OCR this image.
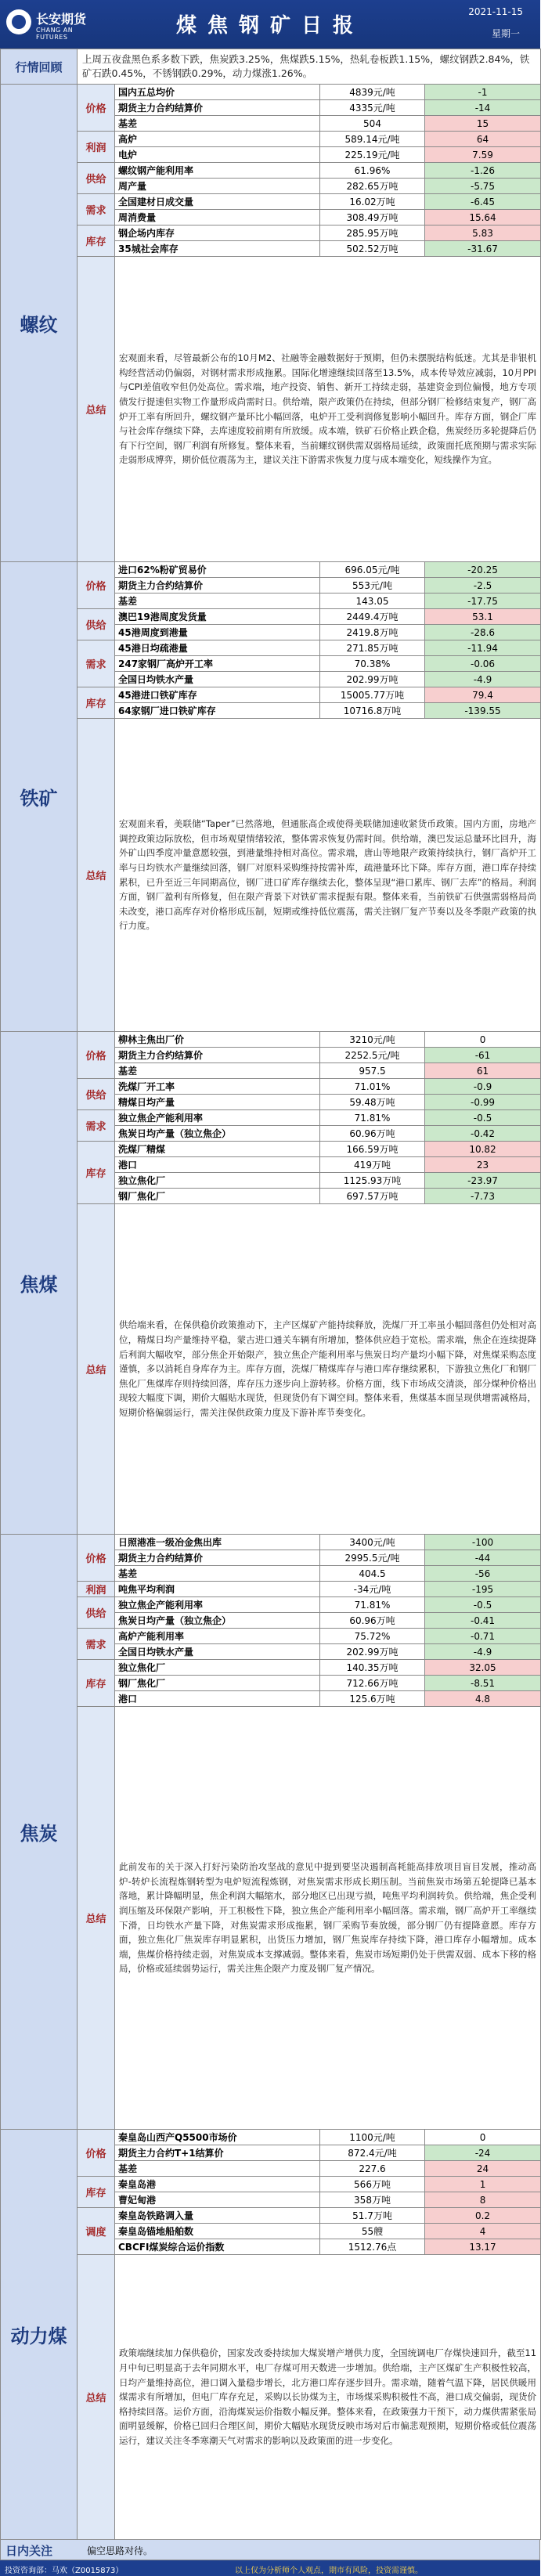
长安期货
CHANG AN FUTURES	煤焦钢矿日报
2021-11-15
星期一
行情回顾	上周五夜盘黑色系多数下跌，焦炭跌3.25%，焦煤跌5.15%，热轧卷板跌1.15%，螺纹钢跌2.84%，铁矿石跌0.45%，不锈钢跌0.29%，动力煤涨1.26%。			
螺纹	价格	国内五总均价	4839元/吨	-1
		期货主力合约结算价	4335元/吨	-14
		基差	504	15
	利润	高炉	589.14元/吨	64
		电炉	225.19元/吨	7.59
	供给	螺纹钢产能利用率	61.96%	-1.26
		周产量	282.65万吨	-5.75
	需求	全国建材日成交量	16.02万吨	-6.45
		周消费量	308.49万吨	15.64
	库存	钢企场内库存	285.95万吨	5.83
		35城社会库存	502.52万吨	-31.67
	总结	宏观面来看，尽管最新公布的10月M2、社融等金融数据好于预期，但仍未摆脱结构低迷。尤其是非银机构经营活动仍偏弱，对钢材需求形成拖累。国际化增速继续回落至13.5%，成本传导效应减弱，10月PPI与CPI差值收窄但仍处高位。需求端，地产投资、销售、新开工持续走弱，基建资金到位偏慢，地方专项债发行提速但实物工作量形成尚需时日。供给端，限产政策仍在持续，但部分钢厂检修结束复产，钢厂高炉开工率有所回升，螺纹钢产量环比小幅回落，电炉开工受利润修复影响小幅回升。库存方面，钢企厂库与社会库存继续下降，去库速度较前期有所放缓。成本端，铁矿石价格止跌企稳，焦炭经历多轮提降后仍有下行空间，钢厂利润有所修复。整体来看，当前螺纹钢供需双弱格局延续，政策面托底预期与需求实际走弱形成博弈，期价低位震荡为主，建议关注下游需求恢复力度与成本端变化，短线操作为宜。		
铁矿	价格	进口62%粉矿贸易价	696.05元/吨	-20.25
		期货主力合约结算价	553元/吨	-2.5
		基差	143.05	-17.75
	供给	澳巴19港周度发货量	2449.4万吨	53.1
		45港周度到港量	2419.8万吨	-28.6
	需求	45港日均疏港量	271.85万吨	-11.94
		247家钢厂高炉开工率	70.38%	-0.06
		全国日均铁水产量	202.99万吨	-4.9
	库存	45港进口铁矿库存	15005.77万吨	79.4
		64家钢厂进口铁矿库存	10716.8万吨	-139.55
	总结	宏观面来看，美联储“Taper”已然落地，但通胀高企或使得美联储加速收紧货币政策。国内方面，房地产调控政策边际放松，但市场观望情绪较浓，整体需求恢复仍需时间。供给端，澳巴发运总量环比回升，海外矿山四季度冲量意愿较强，到港量维持相对高位。需求端，唐山等地限产政策持续执行，钢厂高炉开工率与日均铁水产量继续回落，钢厂对原料采购维持按需补库，疏港量环比下降。库存方面，港口库存持续累积，已升至近三年同期高位，钢厂进口矿库存继续去化，整体呈现“港口累库、钢厂去库”的格局。利润方面，钢厂盈利有所修复，但在限产背景下对铁矿需求提振有限。整体来看，当前铁矿石供强需弱格局尚未改变，港口高库存对价格形成压制，短期或维持低位震荡，需关注钢厂复产节奏以及冬季限产政策的执行力度。		
焦煤	价格	柳林主焦出厂价	3210元/吨	0
		期货主力合约结算价	2252.5元/吨	-61
		基差	957.5	61
	供给	洗煤厂开工率	71.01%	-0.9
		精煤日均产量	59.48万吨	-0.99
	需求	独立焦企产能利用率	71.81%	-0.5
		焦炭日均产量（独立焦企）	60.96万吨	-0.42
	库存	洗煤厂精煤	166.59万吨	10.82
		港口	419万吨	23
		独立焦化厂	1125.93万吨	-23.97
		钢厂焦化厂	697.57万吨	-7.73
	总结	供给端来看，在保供稳价政策推动下，主产区煤矿产能持续释放，洗煤厂开工率虽小幅回落但仍处相对高位，精煤日均产量维持平稳，蒙古进口通关车辆有所增加，整体供应趋于宽松。需求端，焦企在连续提降后利润大幅收窄，部分焦企开始限产，独立焦企产能利用率与焦炭日均产量均小幅下降，对焦煤采购态度谨慎，多以消耗自身库存为主。库存方面，洗煤厂精煤库存与港口库存继续累积，下游独立焦化厂和钢厂焦化厂焦煤库存则持续回落，库存压力逐步向上游转移。价格方面，线下市场成交清淡，部分煤种价格出现较大幅度下调，期价大幅贴水现货，但现货仍有下调空间。整体来看，焦煤基本面呈现供增需减格局，短期价格偏弱运行，需关注保供政策力度及下游补库节奏变化。		
焦炭	价格	日照港准一级冶金焦出库	3400元/吨	-100
		期货主力合约结算价	2995.5元/吨	-44
		基差	404.5	-56
	利润	吨焦平均利润	-34元/吨	-195
	供给	独立焦企产能利用率	71.81%	-0.5
		焦炭日均产量（独立焦企）	60.96万吨	-0.41
	需求	高炉产能利用率	75.72%	-0.71
		全国日均铁水产量	202.99万吨	-4.9
	库存	独立焦化厂	140.35万吨	32.05
		钢厂焦化厂	712.66万吨	-8.51
		港口	125.6万吨	4.8
	总结	此前发布的关于深入打好污染防治攻坚战的意见中提到要坚决遏制高耗能高排放项目盲目发展，推动高炉-转炉长流程炼钢转型为电炉短流程炼钢，对焦炭需求形成长期压制。当前焦炭市场第五轮提降已基本落地，累计降幅明显，焦企利润大幅缩水，部分地区已出现亏损，吨焦平均利润转负。供给端，焦企受利润压缩及环保限产影响，开工积极性下降，独立焦企产能利用率小幅回落。需求端，钢厂高炉开工率继续下滑，日均铁水产量下降，对焦炭需求形成拖累，钢厂采购节奏放缓，部分钢厂仍有提降意愿。库存方面，独立焦化厂焦炭库存明显累积，出货压力增加，钢厂焦炭库存持续下降，港口库存小幅增加。成本端，焦煤价格持续走弱，对焦炭成本支撑减弱。整体来看，焦炭市场短期仍处于供需双弱、成本下移的格局，价格或延续弱势运行，需关注焦企限产力度及钢厂复产情况。		
动力煤	价格	秦皇岛山西产Q5500市场价	1100元/吨	0
		期货主力合约T+1结算价	872.4元/吨	-24
		基差	227.6	24
	库存	秦皇岛港	566万吨	1
		曹妃甸港	358万吨	8
	调度	秦皇岛铁路调入量	51.7万吨	0.2
		秦皇岛锚地船舶数	55艘	4
		CBCFI煤炭综合运价指数	1512.76点	13.17
	总结	政策端继续加力保供稳价，国家发改委持续加大煤炭增产增供力度，全国统调电厂存煤快速回升，截至11月中旬已明显高于去年同期水平，电厂存煤可用天数进一步增加。供给端，主产区煤矿生产积极性较高，日均产量维持高位，港口调入量稳步增长，北方港口库存逐步回升。需求端，随着气温下降，居民供暖用煤需求有所增加，但电厂库存充足，采购以长协煤为主，市场煤采购积极性不高，港口成交偏弱，现货价格持续回落。运价方面，沿海煤炭运价指数小幅反弹。整体来看，在政策强力干预下，动力煤供需紧张局面明显缓解，价格已回归合理区间，期价大幅贴水现货反映市场对后市偏悲观预期，短期价格或低位震荡运行，建议关注冬季寒潮天气对需求的影响以及政策面的进一步变化。		
日内关注	偏空思路对待。
投资咨询部：马欢（Z0015873）	以上仅为分析师个人观点，期市有风险，投资需谨慎。
